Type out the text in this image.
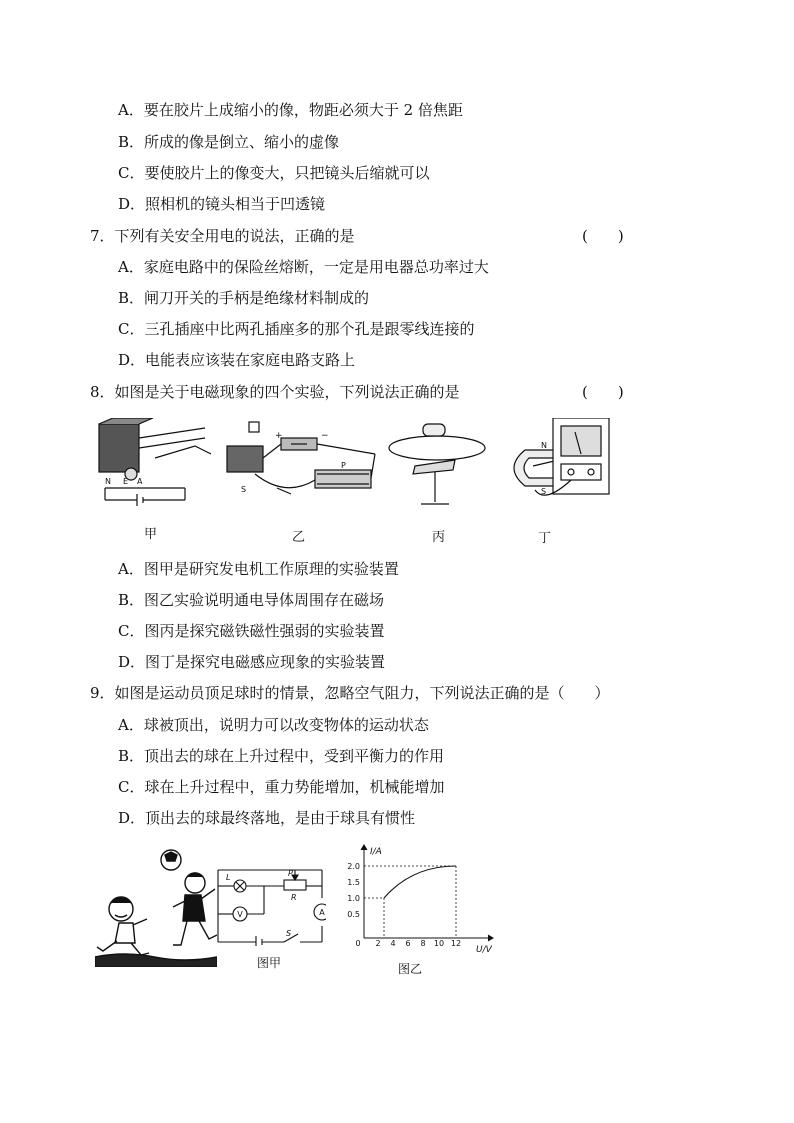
A．要在胶片上成缩小的像，物距必须大于 2 倍焦距
B．所成的像是倒立、缩小的虚像
C．要使胶片上的像变大，只把镜头后缩就可以
D．照相机的镜头相当于凹透镜
7．下列有关安全用电的说法，正确的是	(　　)
A．家庭电路中的保险丝熔断，一定是用电器总功率过大
B．闸刀开关的手柄是绝缘材料制成的
C．三孔插座中比两孔插座多的那个孔是跟零线连接的
D．电能表应该装在家庭电路支路上
8．如图是关于电磁现象的四个实验，下列说法正确的是	(　　)
N E A
+	−
S
P
N
S
甲	乙	丙	丁
A．图甲是研究发电机工作原理的实验装置
B．图乙实验说明通电导体周围存在磁场
C．图丙是探究磁铁磁性强弱的实验装置
D．图丁是探究电磁感应现象的实验装置
9．如图是运动员顶足球时的情景，忽略空气阻力，下列说法正确的是（　　）
A．球被顶出，说明力可以改变物体的运动状态
B．顶出去的球在上升过程中，受到平衡力的作用
C．球在上升过程中，重力势能增加，机械能增加
D．顶出去的球最终落地，是由于球具有惯性
L	P
R
S
V	A
图甲
I/A
U/V
2.0
1.5
1.0
0.5
0 2 4 6 8 10 12
图乙
